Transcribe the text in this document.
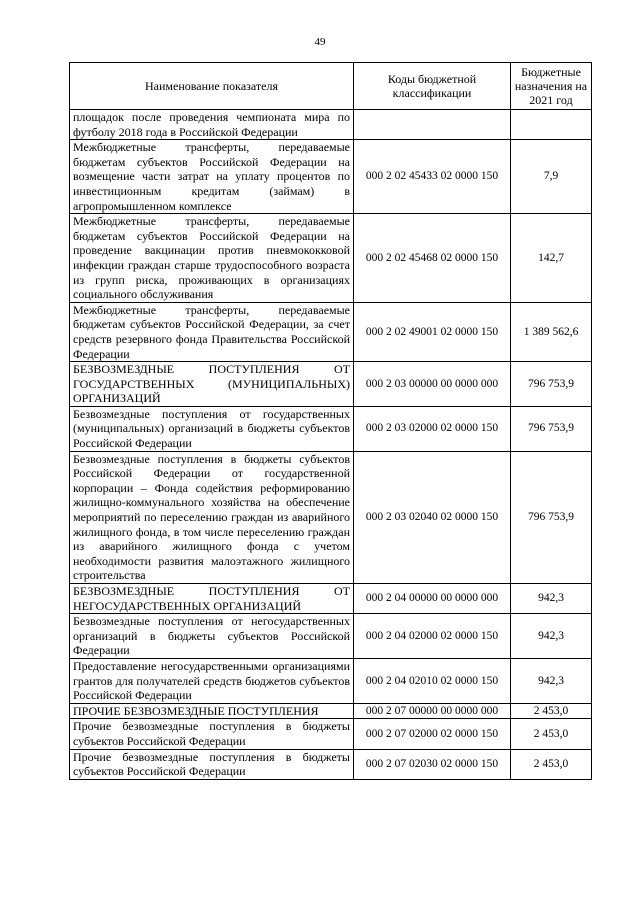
49
Наименование показателя	Коды бюджетной классификации	Бюджетные назначения на 2021 год
площадок после проведения чемпионата мира по футболу 2018 года в Российской Федерации		
Межбюджетные трансферты, передаваемые бюджетам субъектов Российской Федерации на возмещение части затрат на уплату процентов по инвестиционным кредитам (займам) в агропромышленном комплексе	000 2 02 45433 02 0000 150	7,9
Межбюджетные трансферты, передаваемые бюджетам субъектов Российской Федерации на проведение вакцинации против пневмококковой инфекции граждан старше трудоспособного возраста из групп риска, проживающих в организациях социального обслуживания	000 2 02 45468 02 0000 150	142,7
Межбюджетные трансферты, передаваемые бюджетам субъектов Российской Федерации, за счет средств резервного фонда Правительства Российской Федерации	000 2 02 49001 02 0000 150	1 389 562,6
БЕЗВОЗМЕЗДНЫЕ ПОСТУПЛЕНИЯ ОТ ГОСУДАРСТВЕННЫХ (МУНИЦИПАЛЬНЫХ) ОРГАНИЗАЦИЙ	000 2 03 00000 00 0000 000	796 753,9
Безвозмездные поступления от государственных (муниципальных) организаций в бюджеты субъектов Российской Федерации	000 2 03 02000 02 0000 150	796 753,9
Безвозмездные поступления в бюджеты субъектов Российской Федерации от государственной корпорации – Фонда содействия реформированию жилищно-коммунального хозяйства на обеспечение мероприятий по переселению граждан из аварийного жилищного фонда, в том числе переселению граждан из аварийного жилищного фонда с учетом необходимости развития малоэтажного жилищного строительства	000 2 03 02040 02 0000 150	796 753,9
БЕЗВОЗМЕЗДНЫЕ ПОСТУПЛЕНИЯ ОТ НЕГОСУДАРСТВЕННЫХ ОРГАНИЗАЦИЙ	000 2 04 00000 00 0000 000	942,3
Безвозмездные поступления от негосударственных организаций в бюджеты субъектов Российской Федерации	000 2 04 02000 02 0000 150	942,3
Предоставление негосударственными организациями грантов для получателей средств бюджетов субъектов Российской Федерации	000 2 04 02010 02 0000 150	942,3
ПРОЧИЕ БЕЗВОЗМЕЗДНЫЕ ПОСТУПЛЕНИЯ	000 2 07 00000 00 0000 000	2 453,0
Прочие безвозмездные поступления в бюджеты субъектов Российской Федерации	000 2 07 02000 02 0000 150	2 453,0
Прочие безвозмездные поступления в бюджеты субъектов Российской Федерации	000 2 07 02030 02 0000 150	2 453,0
